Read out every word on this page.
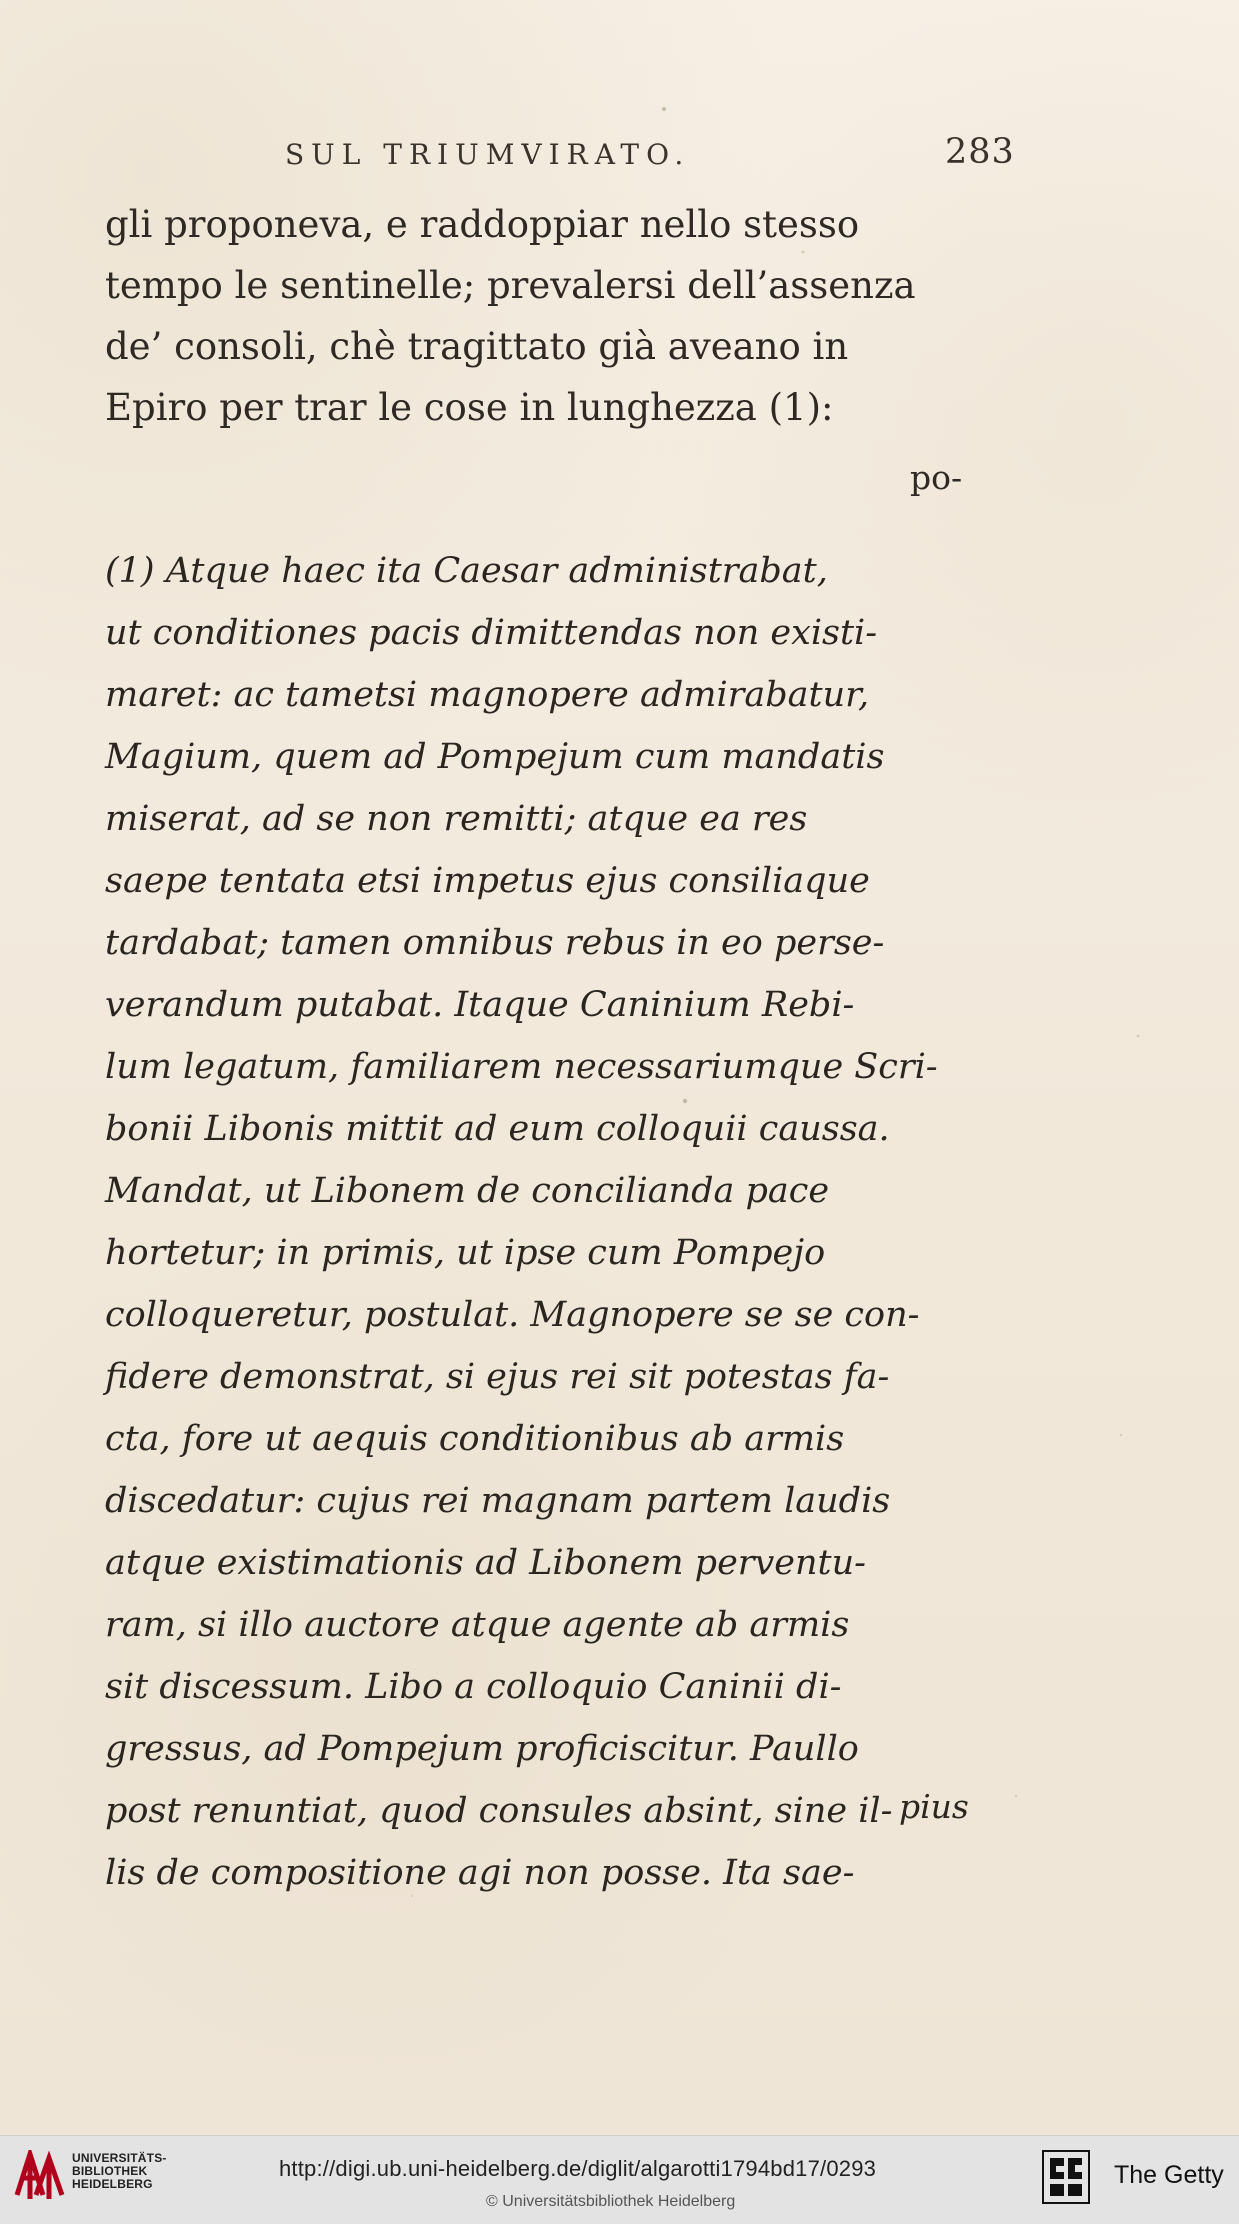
SUL TRIUMVIRATO.	283
gli proponeva, e raddoppiar nello stesso
tempo le sentinelle; prevalersi dell’assenza
de’ consoli, chè tragittato già aveano in
Epiro per trar le cose in lunghezza (1):
po-
(1) Atque haec ita Caesar administrabat,
ut conditiones pacis dimittendas non existi-
maret: ac tametsi magnopere admirabatur,
Magium, quem ad Pompejum cum mandatis
miserat, ad se non remitti; atque ea res
saepe tentata etsi impetus ejus consiliaque
tardabat; tamen omnibus rebus in eo perse-
verandum putabat. Itaque Caninium Rebi-
lum legatum, familiarem necessariumque Scri-
bonii Libonis mittit ad eum colloquii caussa.
Mandat, ut Libonem de concilianda pace
hortetur; in primis, ut ipse cum Pompejo
colloqueretur, postulat. Magnopere se se con-
fidere demonstrat, si ejus rei sit potestas fa-
cta, fore ut aequis conditionibus ab armis
discedatur: cujus rei magnam partem laudis
atque existimationis ad Libonem perventu-
ram, si illo auctore atque agente ab armis
sit discessum. Libo a colloquio Caninii di-
gressus, ad Pompejum proficiscitur. Paullo
post renuntiat, quod consules absint, sine il-
lis de compositione agi non posse. Ita sae-
pius
UNIVERSITÄTS-
BIBLIOTHEK
HEIDELBERG
http://digi.ub.uni-heidelberg.de/diglit/algarotti1794bd17/0293
© Universitätsbibliothek Heidelberg
The Getty
